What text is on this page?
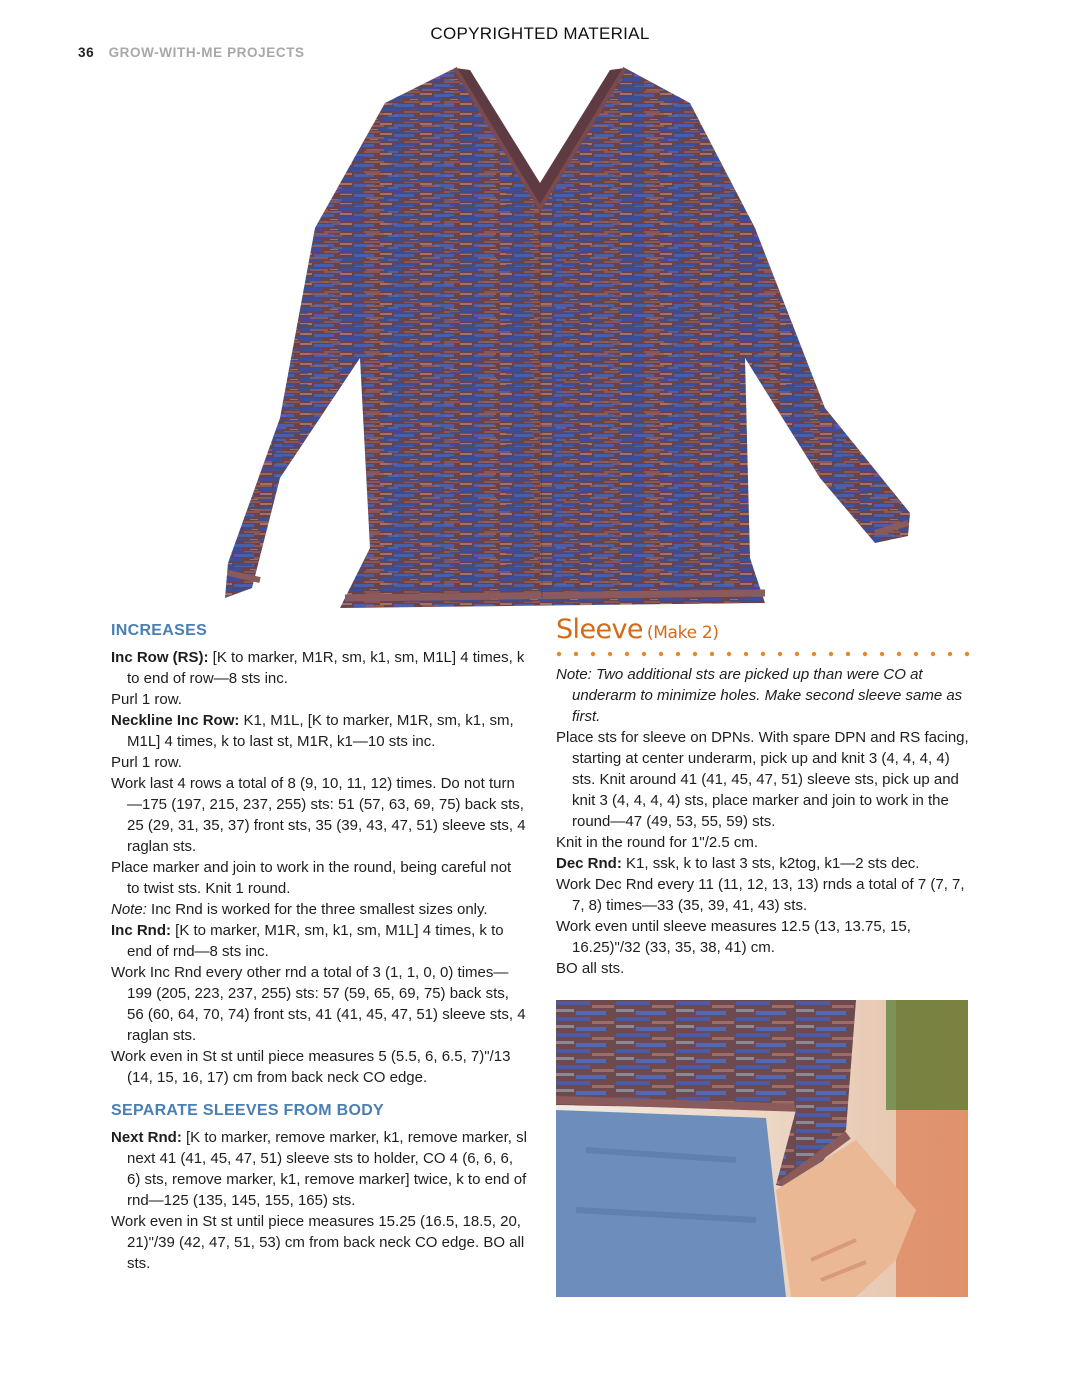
COPYRIGHTED MATERIAL
36 GROW-WITH-ME PROJECTS
INCREASES

Inc Row (RS): [K to marker, M1R, sm, k1, sm, M1L] 4 times, k to end of row—8 sts inc.

Purl 1 row.

Neckline Inc Row: K1, M1L, [K to marker, M1R, sm, k1, sm, M1L] 4 times, k to last st, M1R, k1—10 sts inc.

Purl 1 row.

Work last 4 rows a total of 8 (9, 10, 11, 12) times. Do not turn—175 (197, 215, 237, 255) sts: 51 (57, 63, 69, 75) back sts, 25 (29, 31, 35, 37) front sts, 35 (39, 43, 47, 51) sleeve sts, 4 raglan sts.

Place marker and join to work in the round, being careful not to twist sts. Knit 1 round.

Note: Inc Rnd is worked for the three smallest sizes only.

Inc Rnd: [K to marker, M1R, sm, k1, sm, M1L] 4 times, k to end of rnd—8 sts inc.

Work Inc Rnd every other rnd a total of 3 (1, 1, 0, 0) times—199 (205, 223, 237, 255) sts: 57 (59, 65, 69, 75) back sts, 56 (60, 64, 70, 74) front sts, 41 (41, 45, 47, 51) sleeve sts, 4 raglan sts.

Work even in St st until piece measures 5 (5.5, 6, 6.5, 7)"/13 (14, 15, 16, 17) cm from back neck CO edge.

SEPARATE SLEEVES FROM BODY

Next Rnd: [K to marker, remove marker, k1, remove marker, sl next 41 (41, 45, 47, 51) sleeve sts to holder, CO 4 (6, 6, 6, 6) sts, remove marker, k1, remove marker] twice, k to end of rnd—125 (135, 145, 155, 165) sts.

Work even in St st until piece measures 15.25 (16.5, 18.5, 20, 21)"/39 (42, 47, 51, 53) cm from back neck CO edge. BO all sts.

Sleeve (Make 2)

Note: Two additional sts are picked up than were CO at underarm to minimize holes. Make second sleeve same as first.

Place sts for sleeve on DPNs. With spare DPN and RS facing, starting at center underarm, pick up and knit 3 (4, 4, 4, 4) sts. Knit around 41 (41, 45, 47, 51) sleeve sts, pick up and knit 3 (4, 4, 4, 4) sts, place marker and join to work in the round—47 (49, 53, 55, 59) sts.

Knit in the round for 1"/2.5 cm.

Dec Rnd: K1, ssk, k to last 3 sts, k2tog, k1—2 sts dec.

Work Dec Rnd every 11 (11, 12, 13, 13) rnds a total of 7 (7, 7, 7, 8) times—33 (35, 39, 41, 43) sts.

Work even until sleeve measures 12.5 (13, 13.75, 15, 16.25)"/32 (33, 35, 38, 41) cm.

BO all sts.
